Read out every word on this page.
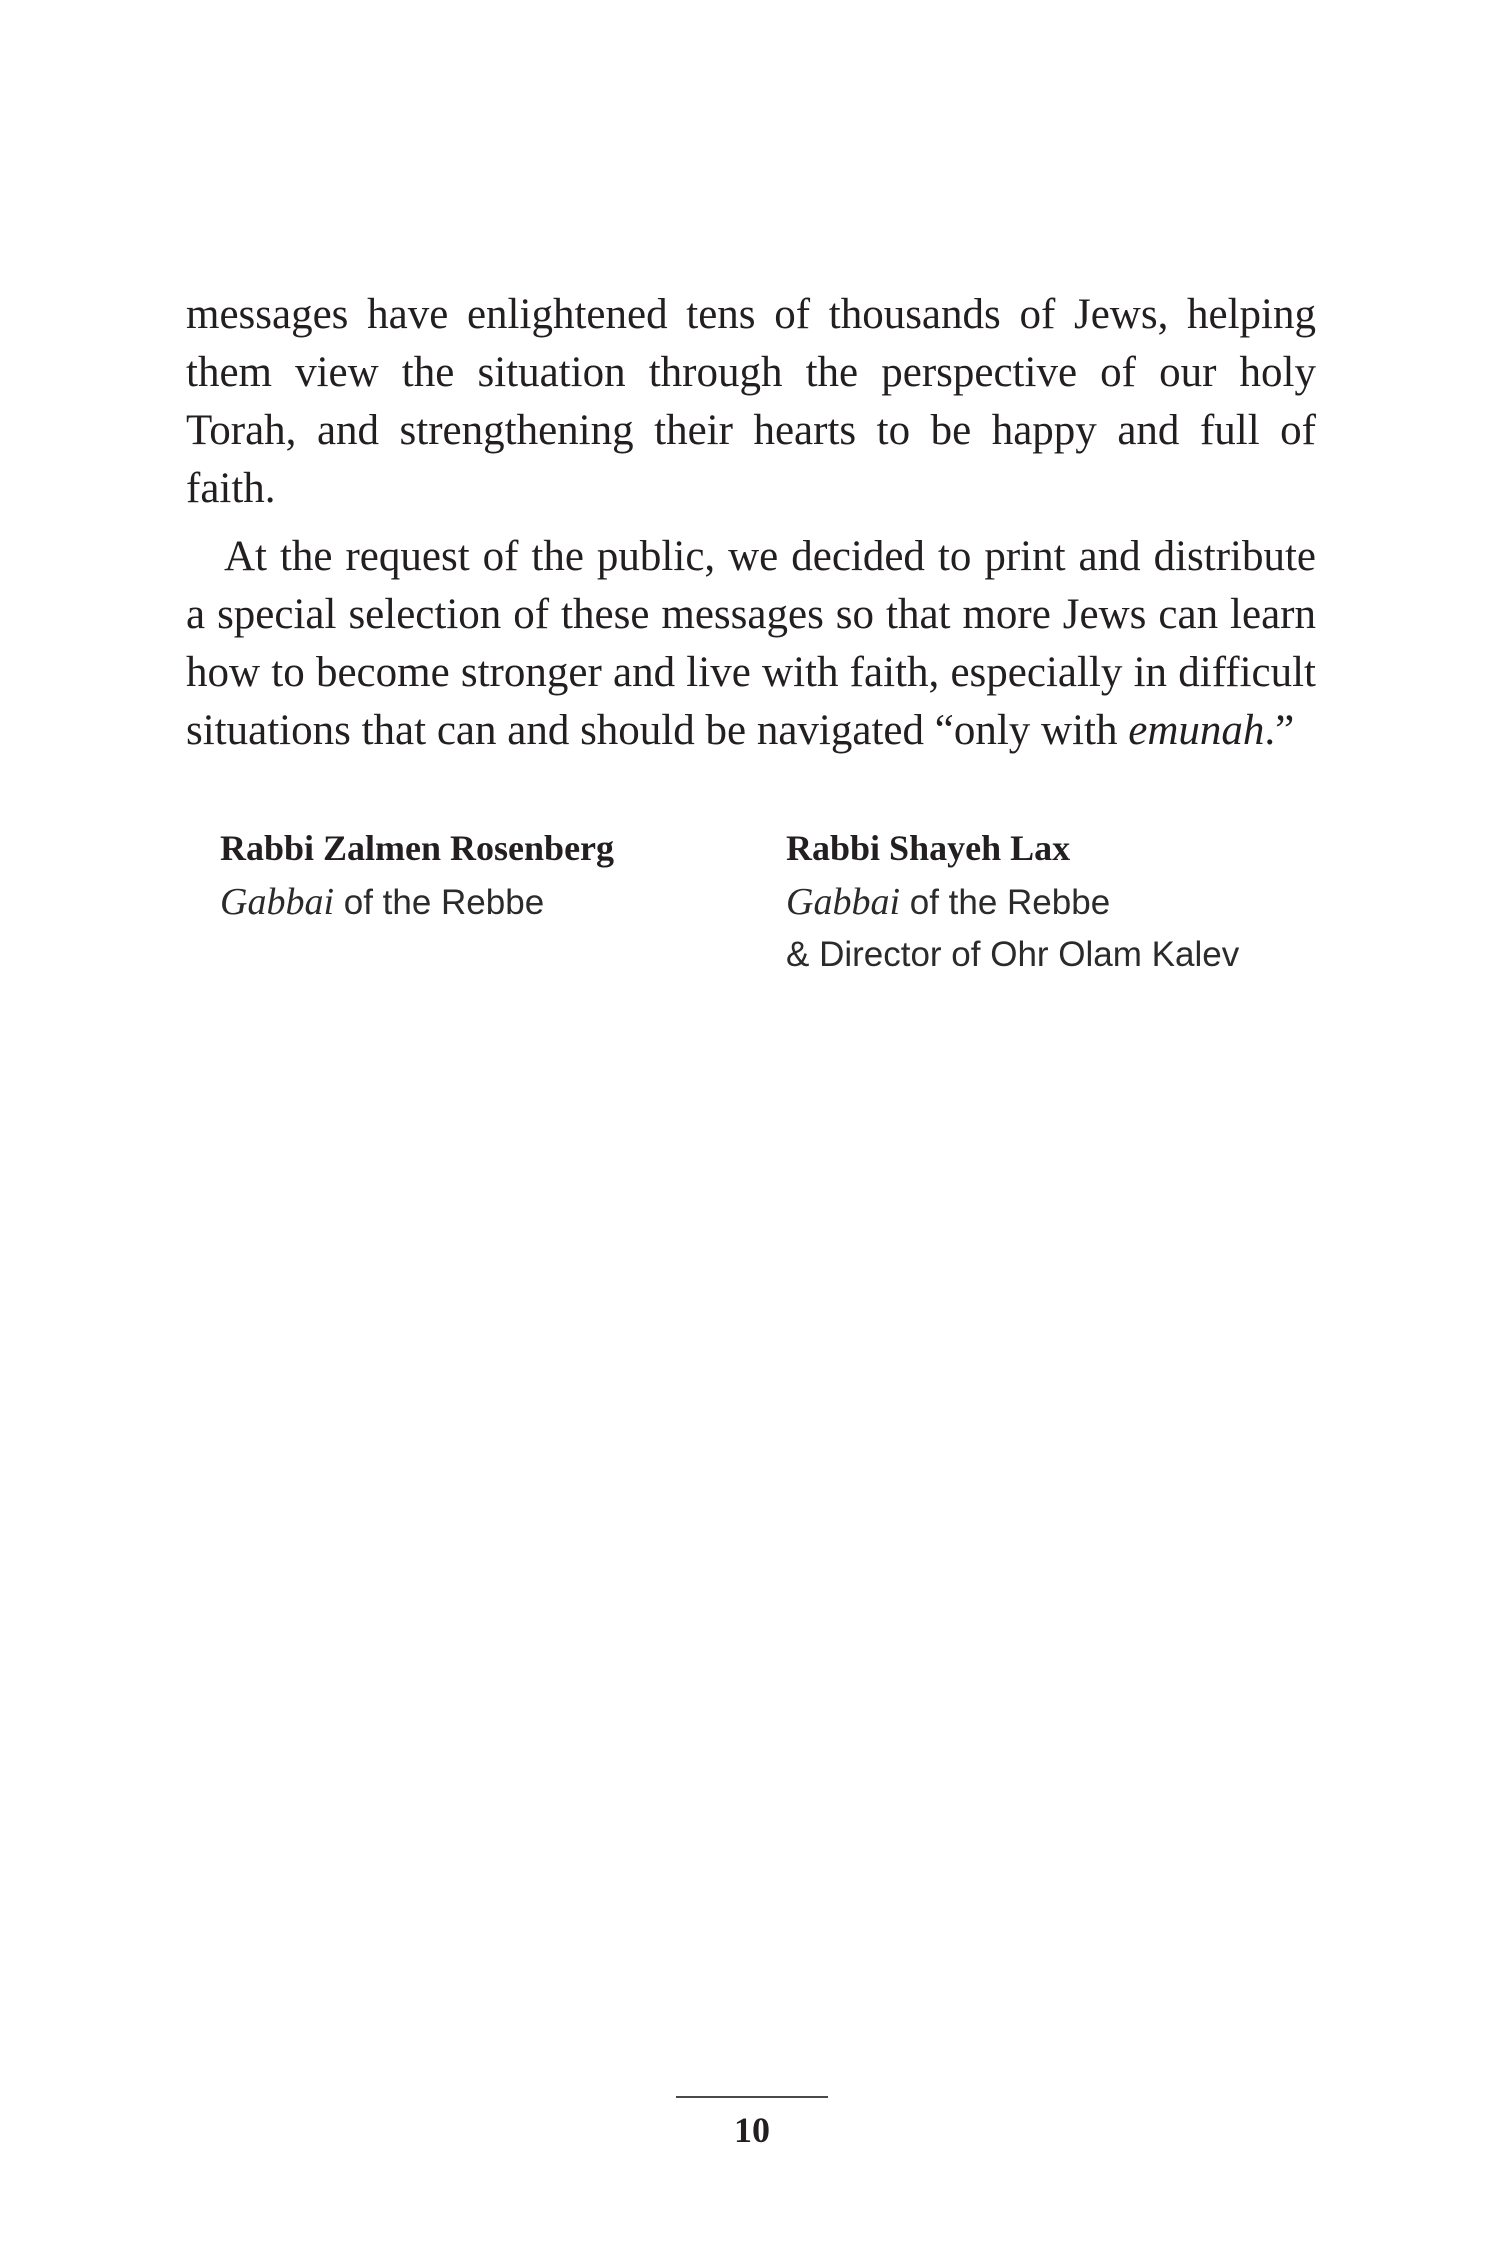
messages have enlightened tens of thousands of Jews, helping them view the situation through the perspective of our holy Torah, and strengthening their hearts to be happy and full of faith.

At the request of the public, we decided to print and distribute a special selection of these messages so that more Jews can learn how to become stronger and live with faith, especially in difficult situations that can and should be navigated “only with emunah.”

Rabbi Zalmen Rosenberg
Gabbai of the Rebbe
Rabbi Shayeh Lax
Gabbai of the Rebbe
& Director of Ohr Olam Kalev
10
